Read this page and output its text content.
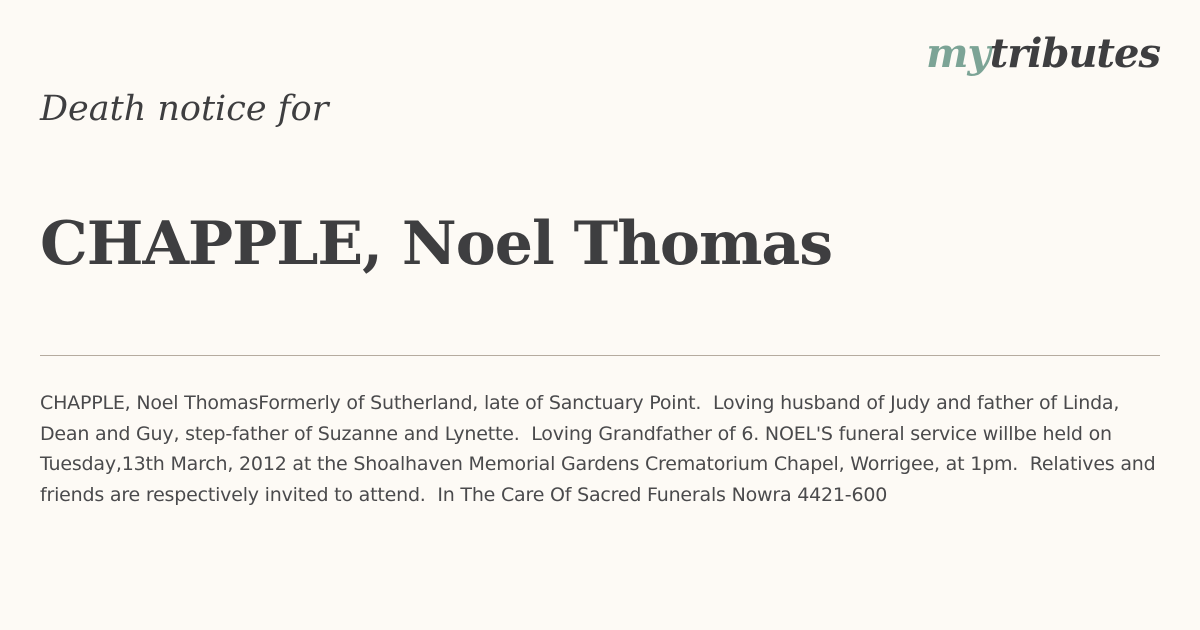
mytributes
Death notice for
CHAPPLE, Noel Thomas
CHAPPLE, Noel ThomasFormerly of Sutherland, late of Sanctuary Point.  Loving husband of Judy and father of Linda, Dean and Guy, step-father of Suzanne and Lynette.  Loving Grandfather of 6. NOEL'S funeral service willbe held on Tuesday,13th March, 2012 at the Shoalhaven Memorial Gardens Crematorium Chapel, Worrigee, at 1pm.  Relatives and friends are respectively invited to attend.  In The Care Of Sacred Funerals Nowra 4421-600
